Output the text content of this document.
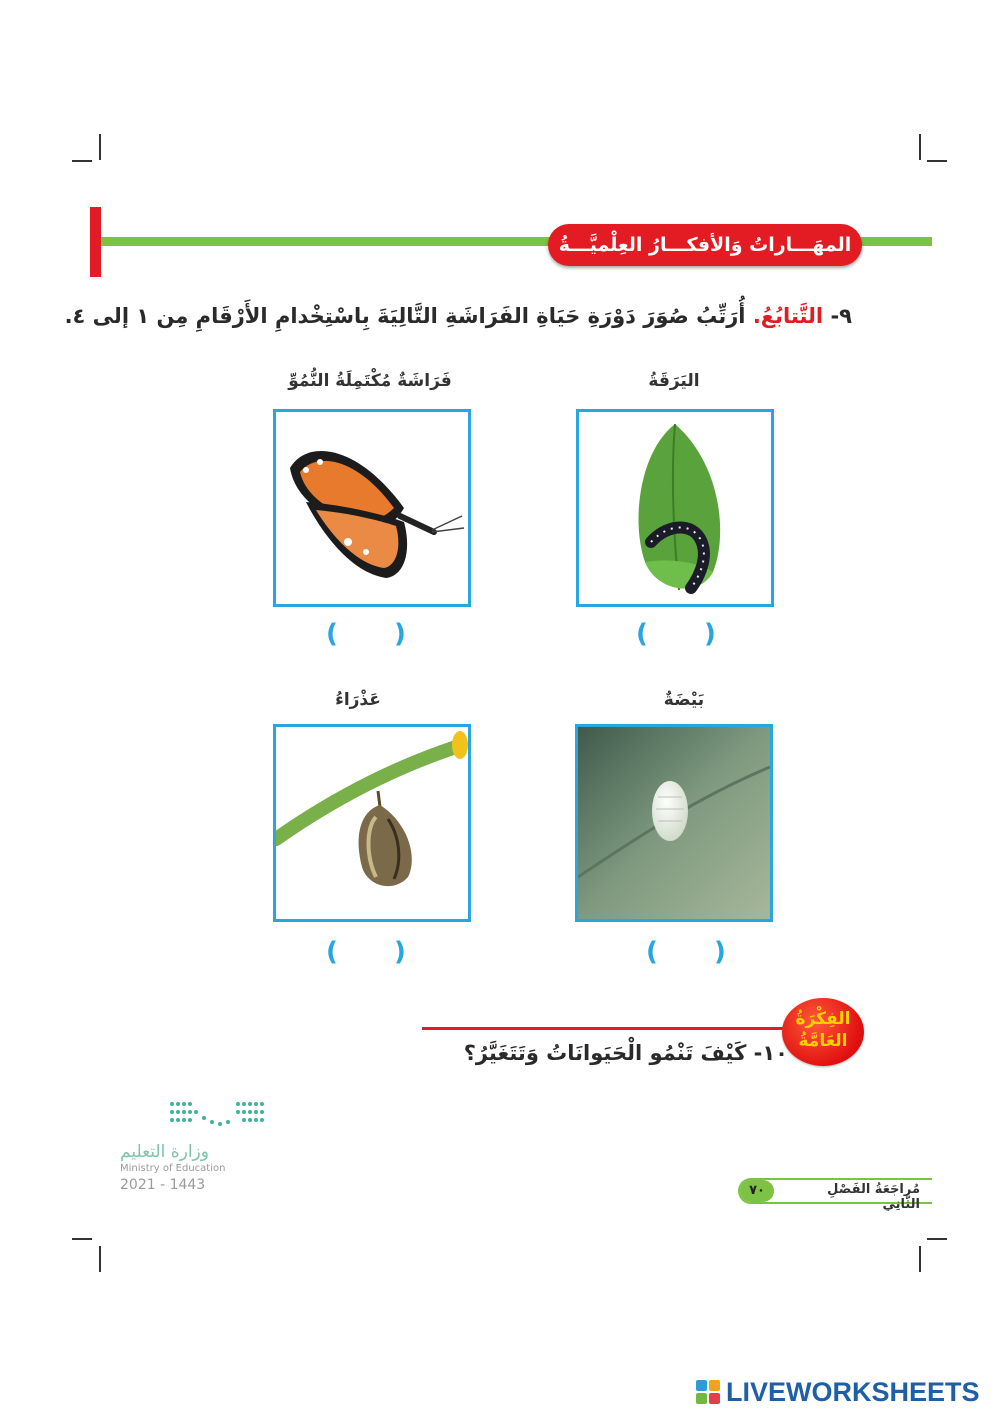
المهَـــاراتُ وَالأفكـــارُ العِلْميَّـــةُ
٩- التَّتابُعُ. أُرَتِّبُ صُوَرَ دَوْرَةِ حَيَاةِ الفَرَاشَةِ التَّالِيَةَ بِاسْتِخْدامِ الأَرْقَامِ مِن ١ إلى ٤.
اليَرَقَةُ
( )
فَرَاشَةٌ مُكْتَمِلَةُ النُّمُوِّ
( )
بَيْضَةٌ
( )
عَذْرَاءُ
( )
الفِكْرَةُ
العَامَّةُ
١٠- كَيْفَ تَنْمُو الْحَيَوانَاتُ وَتَتَغَيَّرُ؟
وزارة التعليم
Ministry of Education
2021 - 1443	٧٠	مُراجَعَةُ الفَصْلِ الثّانِي
LIVEWORKSHEETS
